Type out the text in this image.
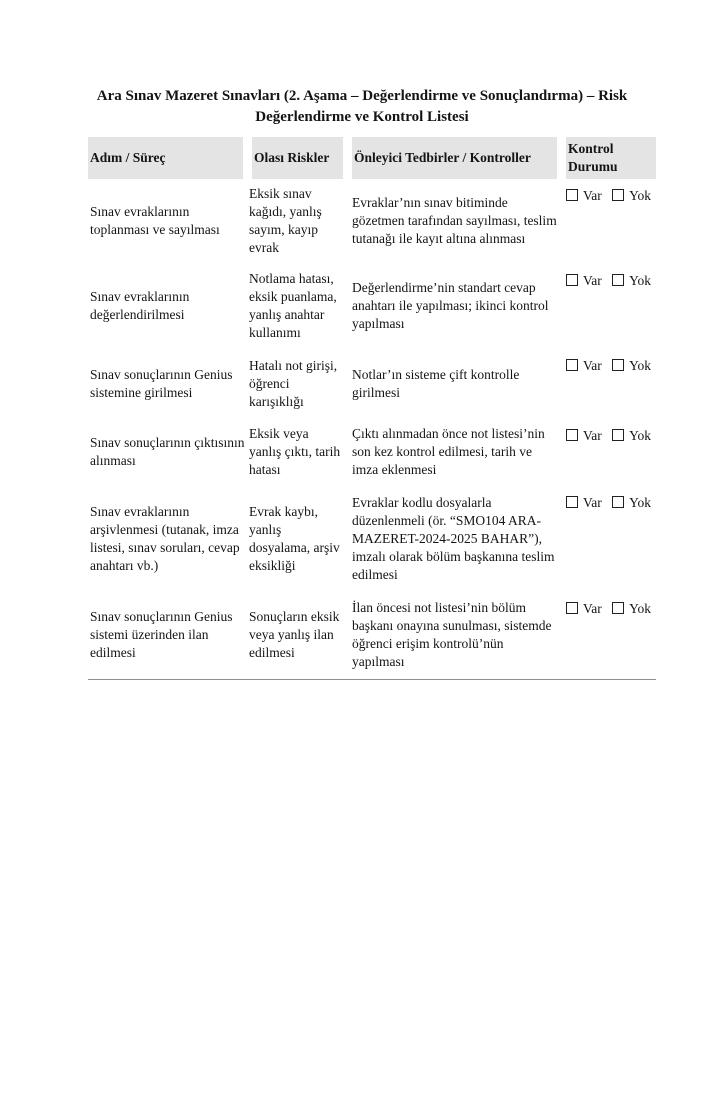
Ara Sınav Mazeret Sınavları (2. Aşama – Değerlendirme ve Sonuçlandırma) – Risk
Değerlendirme ve Kontrol Listesi
Adım / Süreç	Olası Riskler	Önleyici Tedbirler / Kontroller	Kontrol Durumu
Sınav evraklarının toplanması ve sayılması	Eksik sınav kağıdı, yanlış sayım, kayıp evrak	Evraklar’nın sınav bitiminde gözetmen tarafından sayılması, teslim tutanağı ile kayıt altına alınması	Var Yok
Sınav evraklarının değerlendirilmesi	Notlama hatası, eksik puanlama, yanlış anahtar kullanımı	Değerlendirme’nin standart cevap anahtarı ile yapılması; ikinci kontrol yapılması	Var Yok
Sınav sonuçlarının Genius sistemine girilmesi	Hatalı not girişi, öğrenci karışıklığı	Notlar’ın sisteme çift kontrolle girilmesi	Var Yok
Sınav sonuçlarının çıktısının alınması	Eksik veya yanlış çıktı, tarih hatası	Çıktı alınmadan önce not listesi’nin son kez kontrol edilmesi, tarih ve imza eklenmesi	Var Yok
Sınav evraklarının arşivlenmesi (tutanak, imza listesi, sınav soruları, cevap anahtarı vb.)	Evrak kaybı, yanlış dosyalama, arşiv eksikliği	Evraklar kodlu dosyalarla düzenlenmeli (ör. “SMO104 ARA-MAZERET-2024-2025 BAHAR”), imzalı olarak bölüm başkanına teslim edilmesi	Var Yok
Sınav sonuçlarının Genius sistemi üzerinden ilan edilmesi	Sonuçların eksik veya yanlış ilan edilmesi	İlan öncesi not listesi’nin bölüm başkanı onayına sunulması, sistemde öğrenci erişim kontrolü’nün yapılması	Var Yok
